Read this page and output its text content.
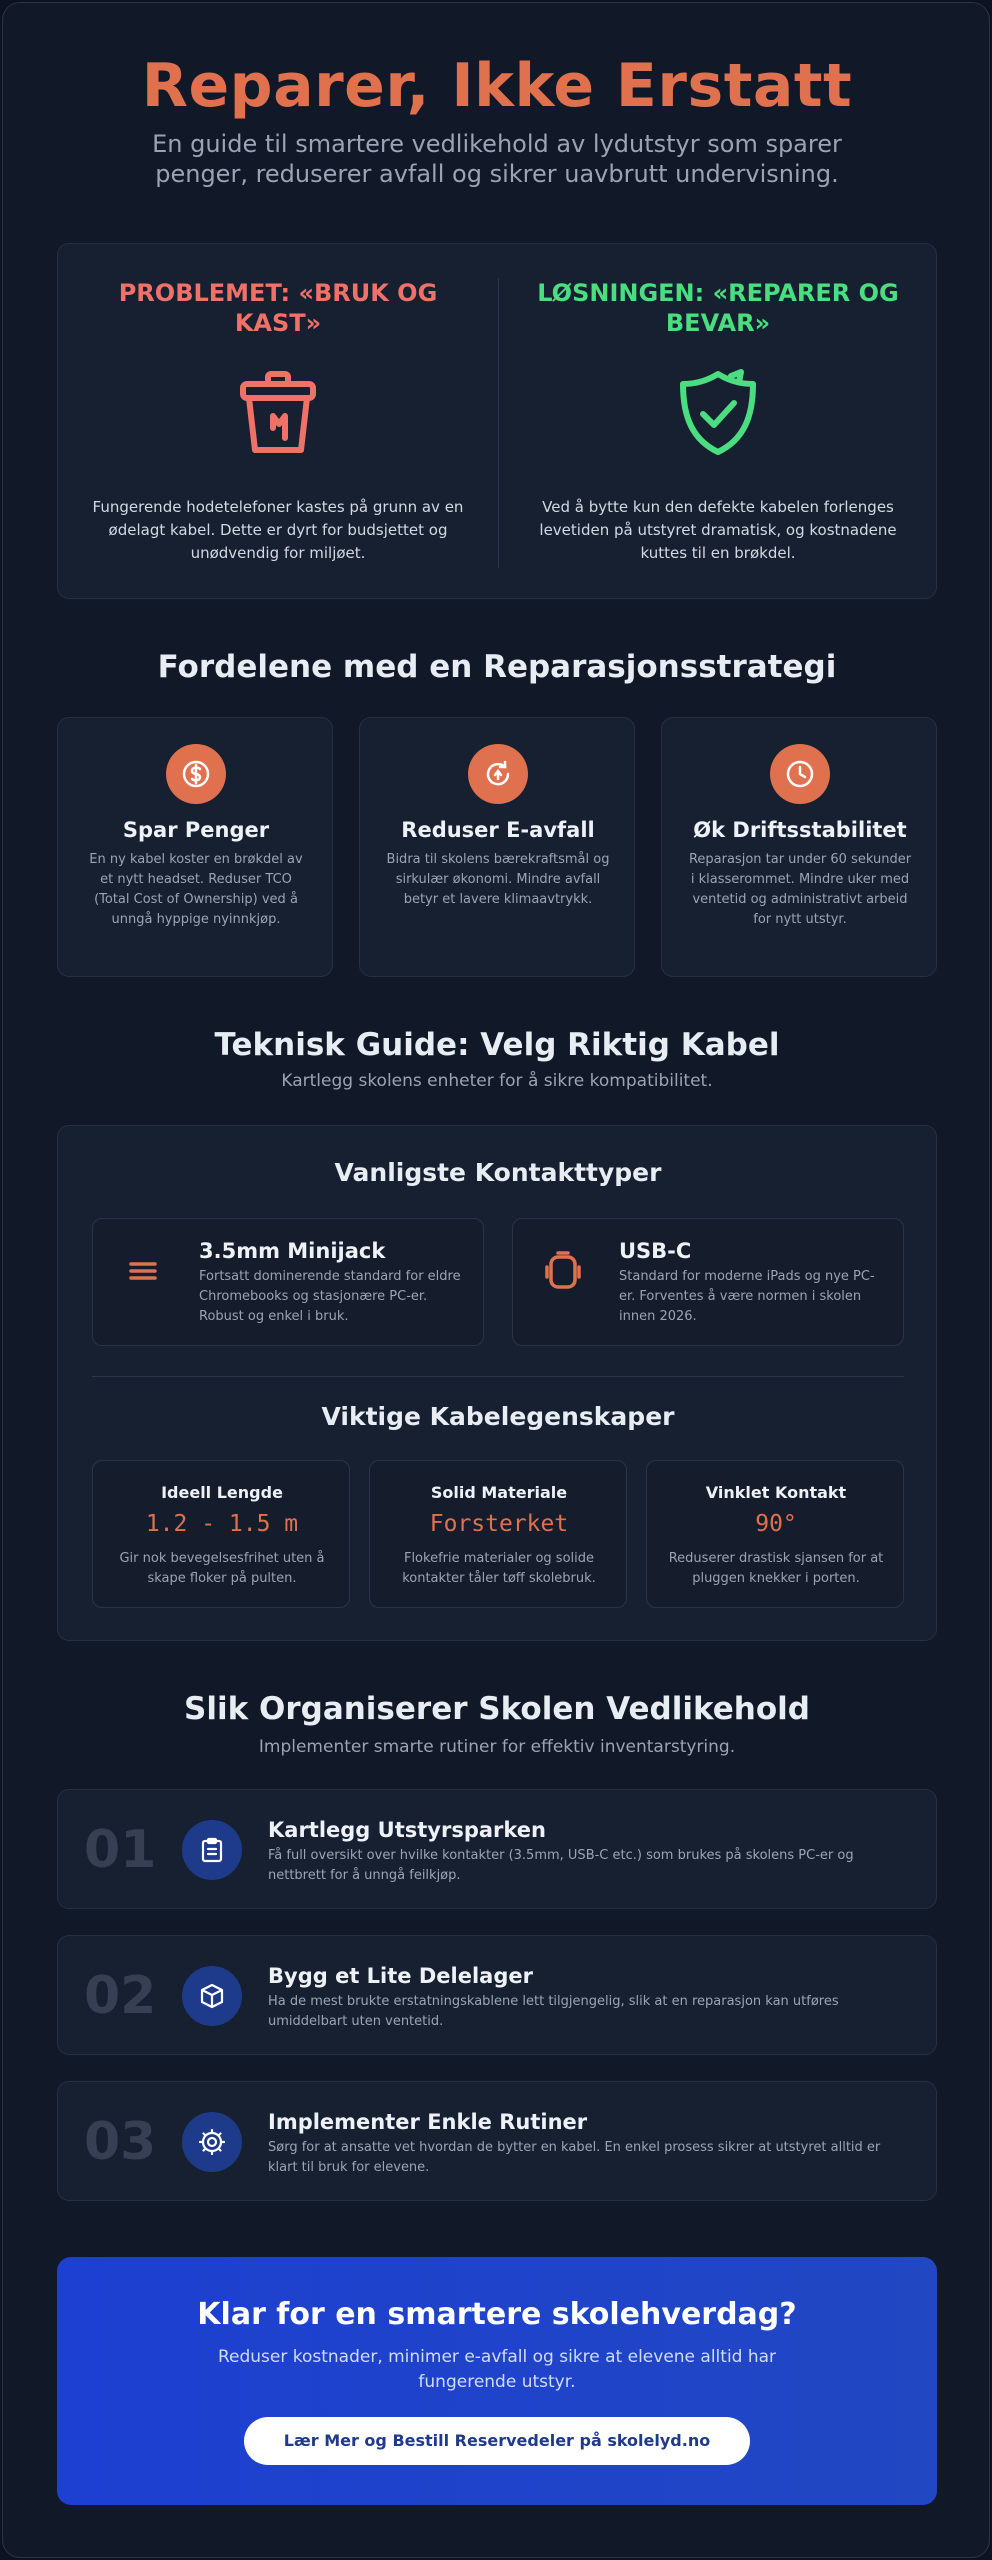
Reparer, Ikke Erstatt

En guide til smartere vedlikehold av lydutstyr som sparer penger, reduserer avfall og sikrer uavbrutt undervisning.

PROBLEMET: «BRUK OG KAST»

Fungerende hodetelefoner kastes på grunn av en ødelagt kabel. Dette er dyrt for budsjettet og unødvendig for miljøet.

LØSNINGEN: «REPARER OG BEVAR»

Ved å bytte kun den defekte kabelen forlenges levetiden på utstyret dramatisk, og kostnadene kuttes til en brøkdel.

Fordelene med en Reparasjonsstrategi
Spar Penger

En ny kabel koster en brøkdel av et nytt headset. Reduser TCO (Total Cost of Ownership) ved å unngå hyppige nyinnkjøp.

Reduser E-avfall

Bidra til skolens bærekraftsmål og sirkulær økonomi. Mindre avfall betyr et lavere klimaavtrykk.

Øk Driftsstabilitet

Reparasjon tar under 60 sekunder i klasserommet. Mindre uker med ventetid og administrativt arbeid for nytt utstyr.

Teknisk Guide: Velg Riktig Kabel

Kartlegg skolens enheter for å sikre kompatibilitet.

Vanligste Kontakttyper
3.5mm Minijack

Fortsatt dominerende standard for eldre Chromebooks og stasjonære PC-er. Robust og enkel i bruk.

USB-C

Standard for moderne iPads og nye PC-er. Forventes å være normen i skolen innen 2026.

Viktige Kabelegenskaper
Ideell Lengde
1.2 - 1.5 m

Gir nok bevegelsesfrihet uten å skape floker på pulten.

Solid Materiale
Forsterket

Flokefrie materialer og solide kontakter tåler tøff skolebruk.

Vinklet Kontakt
90°

Reduserer drastisk sjansen for at pluggen knekker i porten.

Slik Organiserer Skolen Vedlikehold

Implementer smarte rutiner for effektiv inventarstyring.

01	Kartlegg Utstyrsparken

Få full oversikt over hvilke kontakter (3.5mm, USB-C etc.) som brukes på skolens PC-er og nettbrett for å unngå feilkjøp.

02	Bygg et Lite Delelager

Ha de mest brukte erstatningskablene lett tilgjengelig, slik at en reparasjon kan utføres umiddelbart uten ventetid.

03	Implementer Enkle Rutiner

Sørg for at ansatte vet hvordan de bytter en kabel. En enkel prosess sikrer at utstyret alltid er klart til bruk for elevene.

Klar for en smartere skolehverdag?

Reduser kostnader, minimer e-avfall og sikre at elevene alltid har fungerende utstyr.

Lær Mer og Bestill Reservedeler på skolelyd.no
